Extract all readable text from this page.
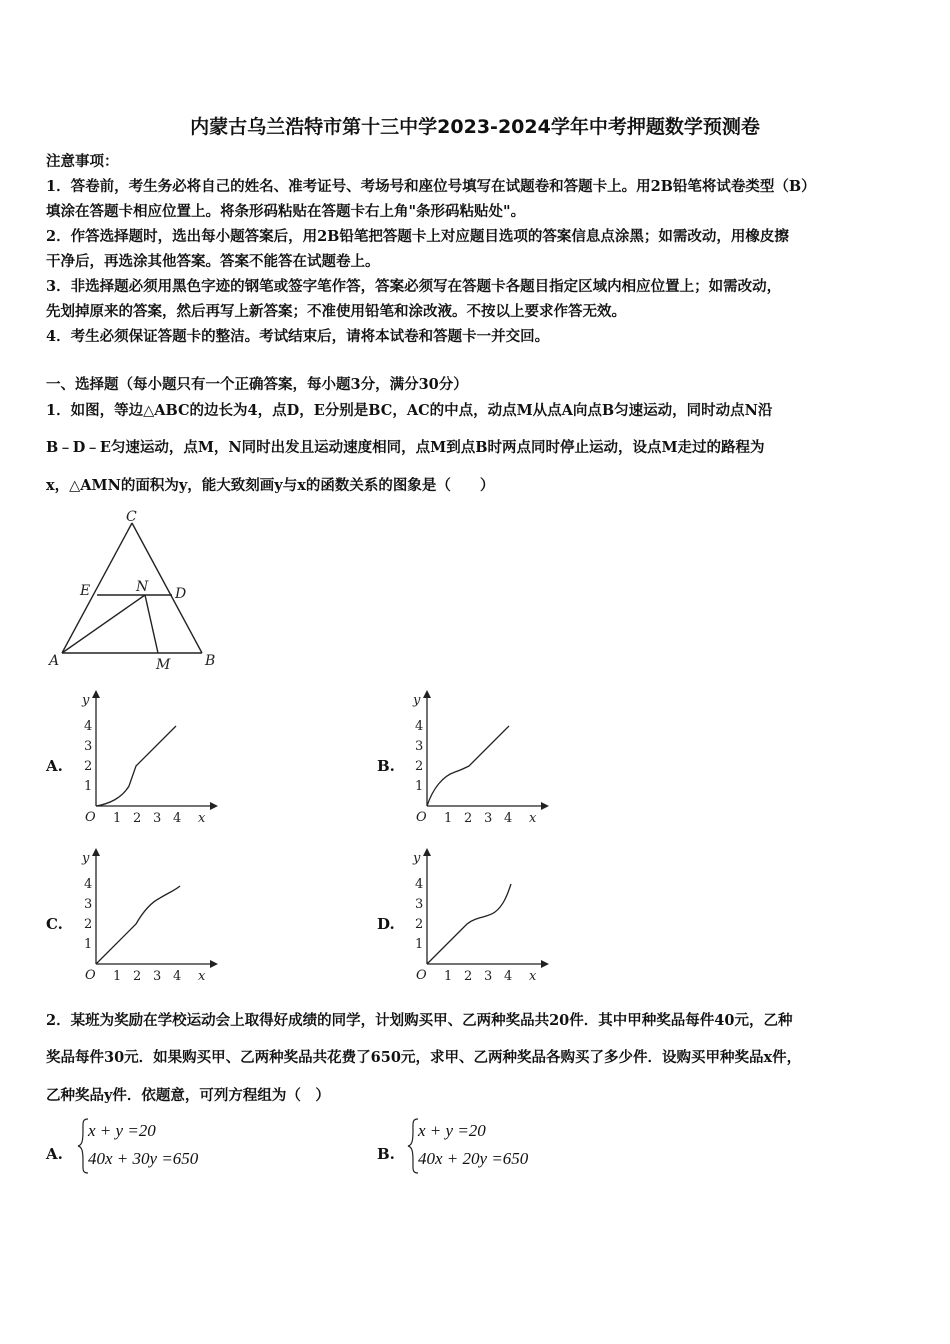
内蒙古乌兰浩特市第十三中学2023-2024学年中考押题数学预测卷
注意事项：
1．答卷前，考生务必将自己的姓名、准考证号、考场号和座位号填写在试题卷和答题卡上。用2B铅笔将试卷类型（B）
填涂在答题卡相应位置上。将条形码粘贴在答题卡右上角"条形码粘贴处"。
2．作答选择题时，选出每小题答案后，用2B铅笔把答题卡上对应题目选项的答案信息点涂黑；如需改动，用橡皮擦
干净后，再选涂其他答案。答案不能答在试题卷上。
3．非选择题必须用黑色字迹的钢笔或签字笔作答，答案必须写在答题卡各题目指定区域内相应位置上；如需改动，
先划掉原来的答案，然后再写上新答案；不准使用铅笔和涂改液。不按以上要求作答无效。
4．考生必须保证答题卡的整洁。考试结束后，请将本试卷和答题卡一并交回。
一、选择题（每小题只有一个正确答案，每小题3分，满分30分）
1．如图，等边△ABC的边长为4，点D，E分别是BC，AC的中点，动点M从点A向点B匀速运动，同时动点N沿
B﹣D﹣E匀速运动，点M，N同时出发且运动速度相同，点M到点B时两点同时停止运动，设点M走过的路程为
x，△AMN的面积为y，能大致刻画y与x的函数关系的图象是（　　）
C
E	N D
A	M B
A.	B.
C.	D.
y
O 1 2 3 4 x
1
2
3
4
y
O 1 2 3 4 x
1
2
3
4
y
O 1 2 3 4 x
1
2
3
4
y
O 1 2 3 4 x
1
2
3
4
2．某班为奖励在学校运动会上取得好成绩的同学，计划购买甲、乙两种奖品共20件．其中甲种奖品每件40元，乙种
奖品每件30元．如果购买甲、乙两种奖品共花费了650元，求甲、乙两种奖品各购买了多少件．设购买甲种奖品x件，
乙种奖品y件．依题意，可列方程组为（　）
A.
x + y =20
40x + 30y =650	B.
x + y =20
40x + 20y =650
